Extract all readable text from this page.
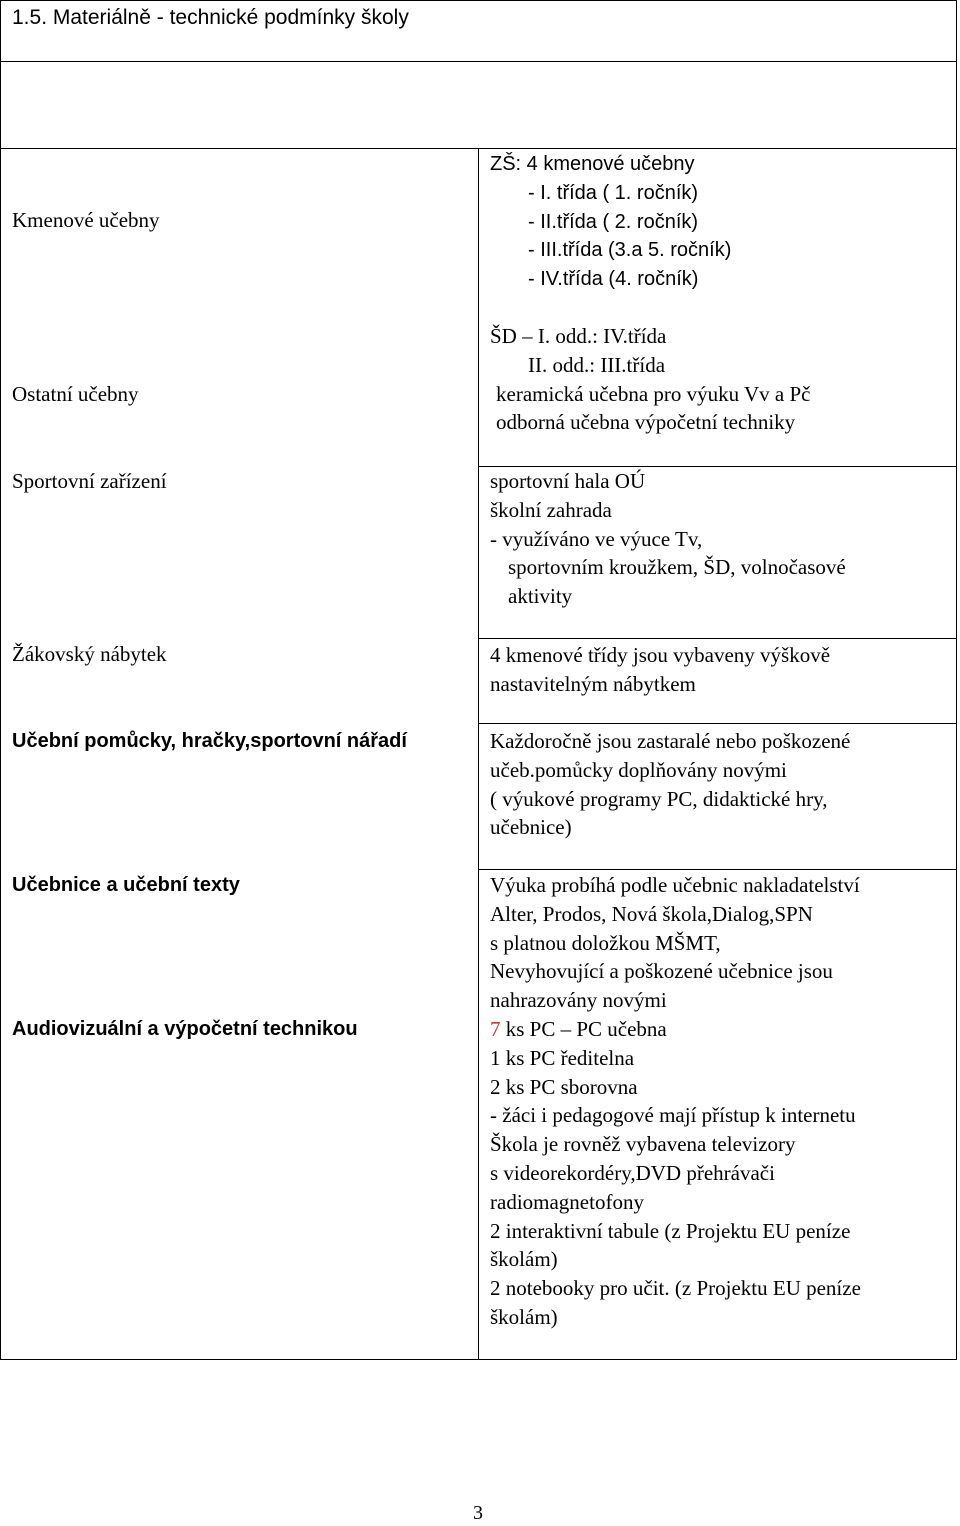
1.5. Materiálně - technické podmínky školy
Kmenové učebny
Ostatní učebny
Sportovní zařízení
Žákovský nábytek
Učební pomůcky, hračky,sportovní nářadí
Učebnice a učební texty
Audiovizuální a výpočetní technikou
ZŠ: 4 kmenové učebny
- I. třída ( 1. ročník)
- II.třída ( 2. ročník)
- III.třída (3.a 5. ročník)
- IV.třída (4. ročník)
ŠD – I. odd.: IV.třída
II. odd.: III.třída
keramická učebna pro výuku Vv a Pč
odborná učebna výpočetní techniky
sportovní hala OÚ
školní zahrada
- využíváno ve výuce Tv,
sportovním kroužkem, ŠD, volnočasové
aktivity
4 kmenové třídy jsou vybaveny výškově
nastavitelným nábytkem
Každoročně jsou zastaralé nebo poškozené
učeb.pomůcky doplňovány novými
( výukové programy PC, didaktické hry,
učebnice)
Výuka probíhá podle učebnic nakladatelství
Alter, Prodos, Nová škola,Dialog,SPN
s platnou doložkou MŠMT,
Nevyhovující a poškozené učebnice jsou
nahrazovány novými
7 ks PC – PC učebna
1 ks PC ředitelna
2 ks PC sborovna
- žáci i pedagogové mají přístup k internetu
Škola je rovněž vybavena televizory
s videorekordéry,DVD přehrávači
radiomagnetofony
2 interaktivní tabule (z Projektu EU peníze
školám)
2 notebooky pro učit. (z Projektu EU peníze
školám)
3
